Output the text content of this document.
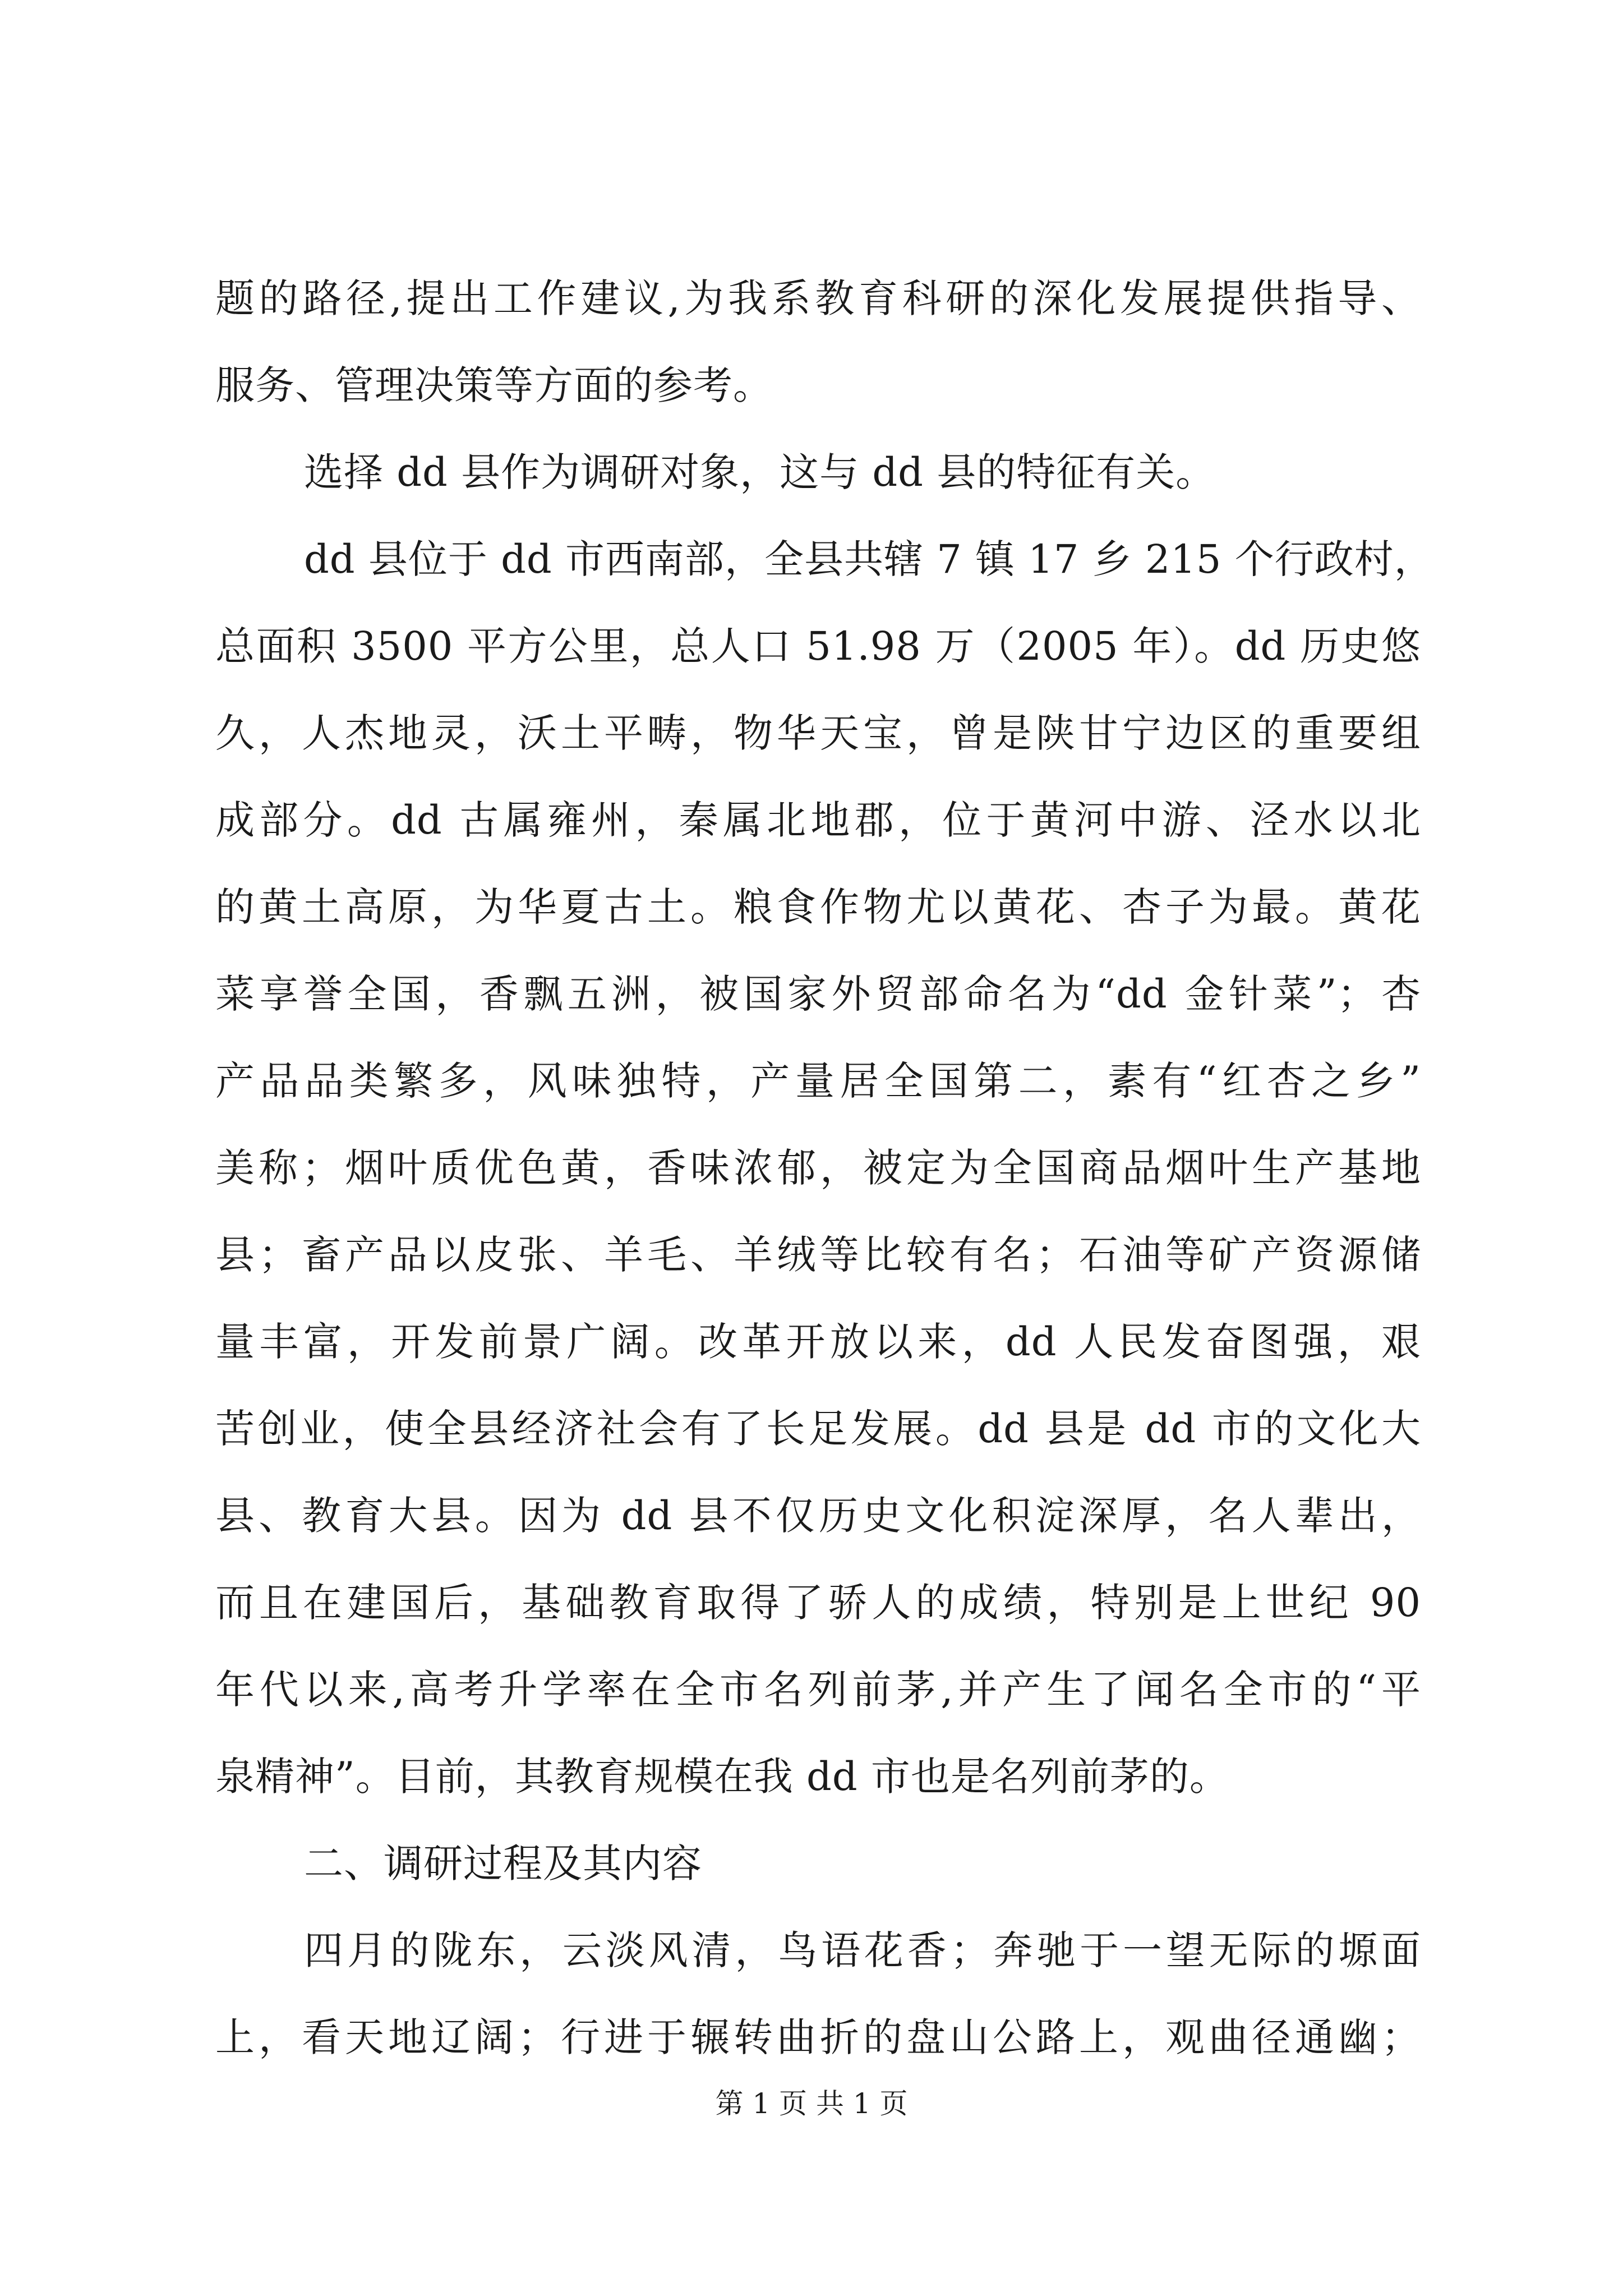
题的路径,提出工作建议,为我系教育科研的深化发展提供指导、
服务、管理决策等方面的参考。
选择 dd 县作为调研对象，这与 dd 县的特征有关。
dd 县位于 dd 市西南部，全县共辖 7 镇 17 乡 215 个行政村，
总面积 3500 平方公里，总人口 51.98 万（2005 年）。dd 历史悠
久，人杰地灵，沃土平畴，物华天宝，曾是陕甘宁边区的重要组
成部分。dd 古属雍州，秦属北地郡，位于黄河中游、泾水以北
的黄土高原，为华夏古土。粮食作物尤以黄花、杏子为最。黄花
菜享誉全国，香飘五洲，被国家外贸部命名为“dd 金针菜”；杏
产品品类繁多，风味独特，产量居全国第二，素有“红杏之乡”
美称；烟叶质优色黄，香味浓郁，被定为全国商品烟叶生产基地
县；畜产品以皮张、羊毛、羊绒等比较有名；石油等矿产资源储
量丰富，开发前景广阔。改革开放以来，dd 人民发奋图强，艰
苦创业，使全县经济社会有了长足发展。dd 县是 dd 市的文化大
县、教育大县。因为 dd 县不仅历史文化积淀深厚，名人辈出，
而且在建国后，基础教育取得了骄人的成绩，特别是上世纪 90
年代以来,高考升学率在全市名列前茅,并产生了闻名全市的“平
泉精神”。目前，其教育规模在我 dd 市也是名列前茅的。
二、调研过程及其内容
四月的陇东，云淡风清，鸟语花香；奔驰于一望无际的塬面
上，看天地辽阔；行进于辗转曲折的盘山公路上，观曲径通幽；
第 1 页 共 1 页
